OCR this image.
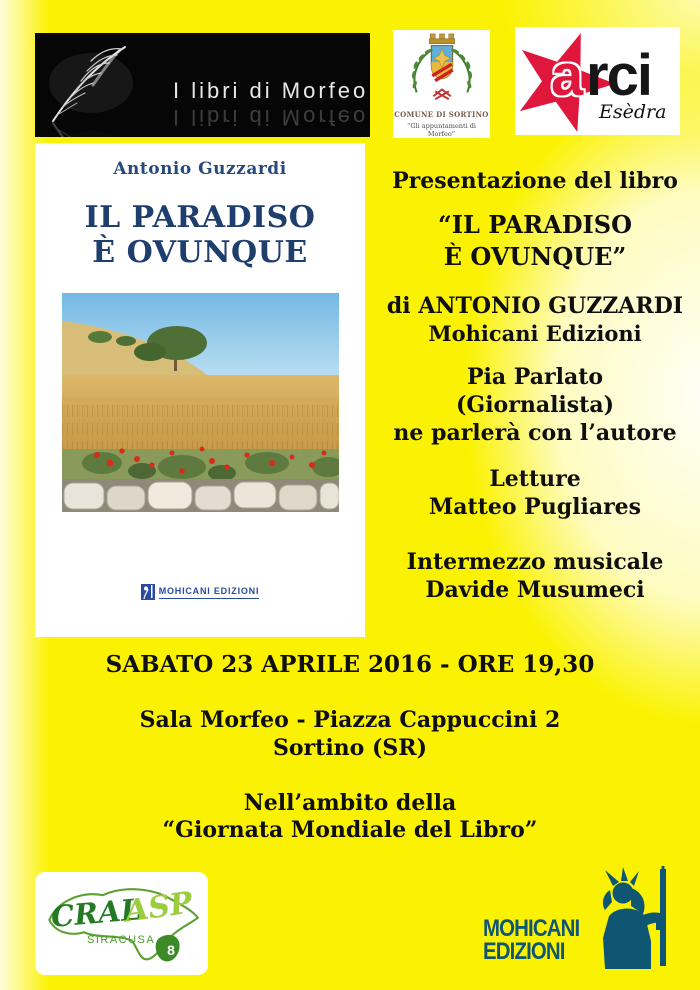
I libri di Morfeo
I libri di Morfeo	COMUNE DI SORTINO
“Gli appuntamenti di Morfeo”
a rci
Esèdra
Antonio Guzzardi
IL PARADISO
È OVUNQUE
MOHICANI EDIZIONI
Presentazione del libro
“IL PARADISO
È OVUNQUE”
di ANTONIO GUZZARDI
Mohicani Edizioni
Pia Parlato
(Giornalista)
ne parlerà con l’autore
Letture
Matteo Pugliares
Intermezzo musicale
Davide Musumeci
SABATO 23 APRILE 2016 - ORE 19,30
Sala Morfeo - Piazza Cappuccini 2
Sortino (SR)
Nell’ambito della
“Giornata Mondiale del Libro”
CRAL
ASP
SIRACUSA
8
MOHICANI
EDIZIONI
